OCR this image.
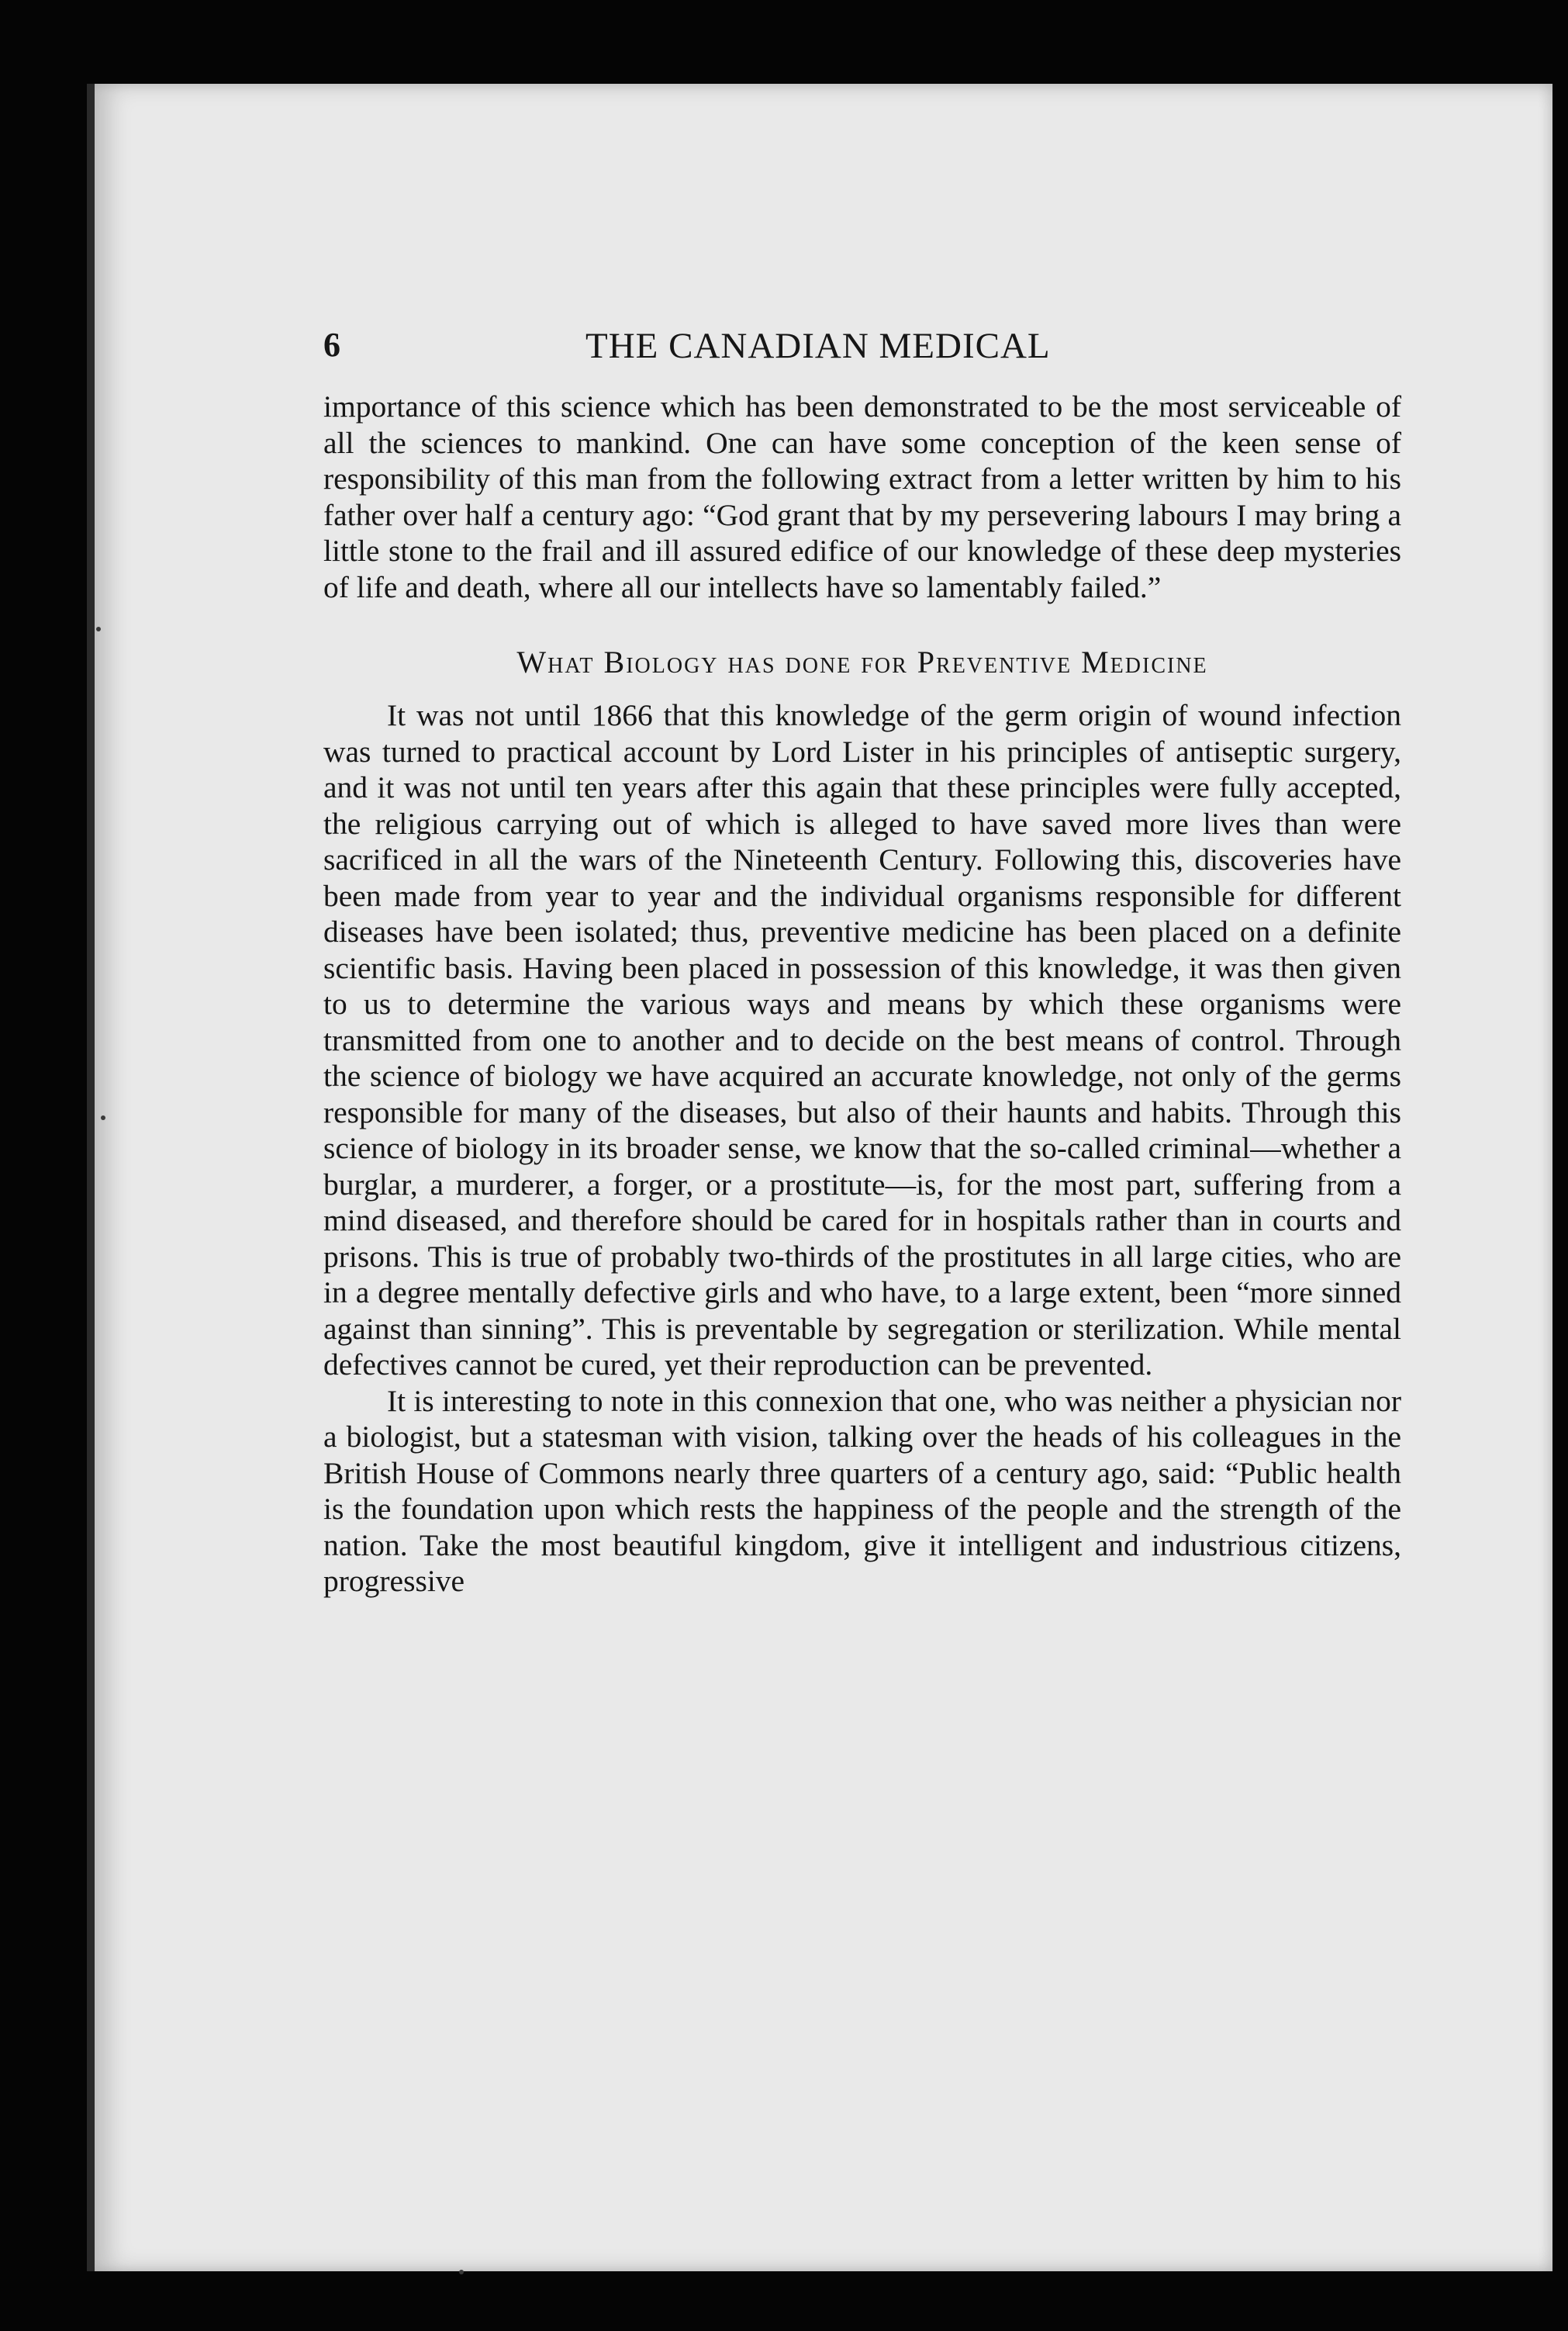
6	THE CANADIAN MEDICAL

importance of this science which has been demonstrated to be the most serviceable of all the sciences to mankind. One can have some conception of the keen sense of responsibility of this man from the following extract from a letter written by him to his father over half a century ago: “God grant that by my persevering labours I may bring a little stone to the frail and ill assured edifice of our knowledge of these deep mysteries of life and death, where all our intellects have so lamentably failed.”

What Biology has done for Preventive Medicine

It was not until 1866 that this knowledge of the germ origin of wound infection was turned to practical account by Lord Lister in his principles of antiseptic surgery, and it was not until ten years after this again that these principles were fully accepted, the religious carrying out of which is alleged to have saved more lives than were sacrificed in all the wars of the Nineteenth Century. Following this, discoveries have been made from year to year and the individual organisms responsible for different diseases have been isolated; thus, preventive medicine has been placed on a definite scientific basis. Having been placed in possession of this knowledge, it was then given to us to determine the various ways and means by which these organisms were transmitted from one to another and to decide on the best means of control. Through the science of biology we have acquired an accurate knowledge, not only of the germs responsible for many of the diseases, but also of their haunts and habits. Through this science of biology in its broader sense, we know that the so-called criminal—whether a burglar, a murderer, a forger, or a prostitute—is, for the most part, suffering from a mind diseased, and therefore should be cared for in hospitals rather than in courts and prisons. This is true of probably two-thirds of the prostitutes in all large cities, who are in a degree mentally defective girls and who have, to a large extent, been “more sinned against than sinning”. This is preventable by segregation or sterilization. While mental defectives cannot be cured, yet their reproduction can be prevented.

It is interesting to note in this connexion that one, who was neither a physician nor a biologist, but a statesman with vision, talking over the heads of his colleagues in the British House of Commons nearly three quarters of a century ago, said: “Public health is the foundation upon which rests the happiness of the people and the strength of the nation. Take the most beautiful kingdom, give it intelligent and industrious citizens, progressive
